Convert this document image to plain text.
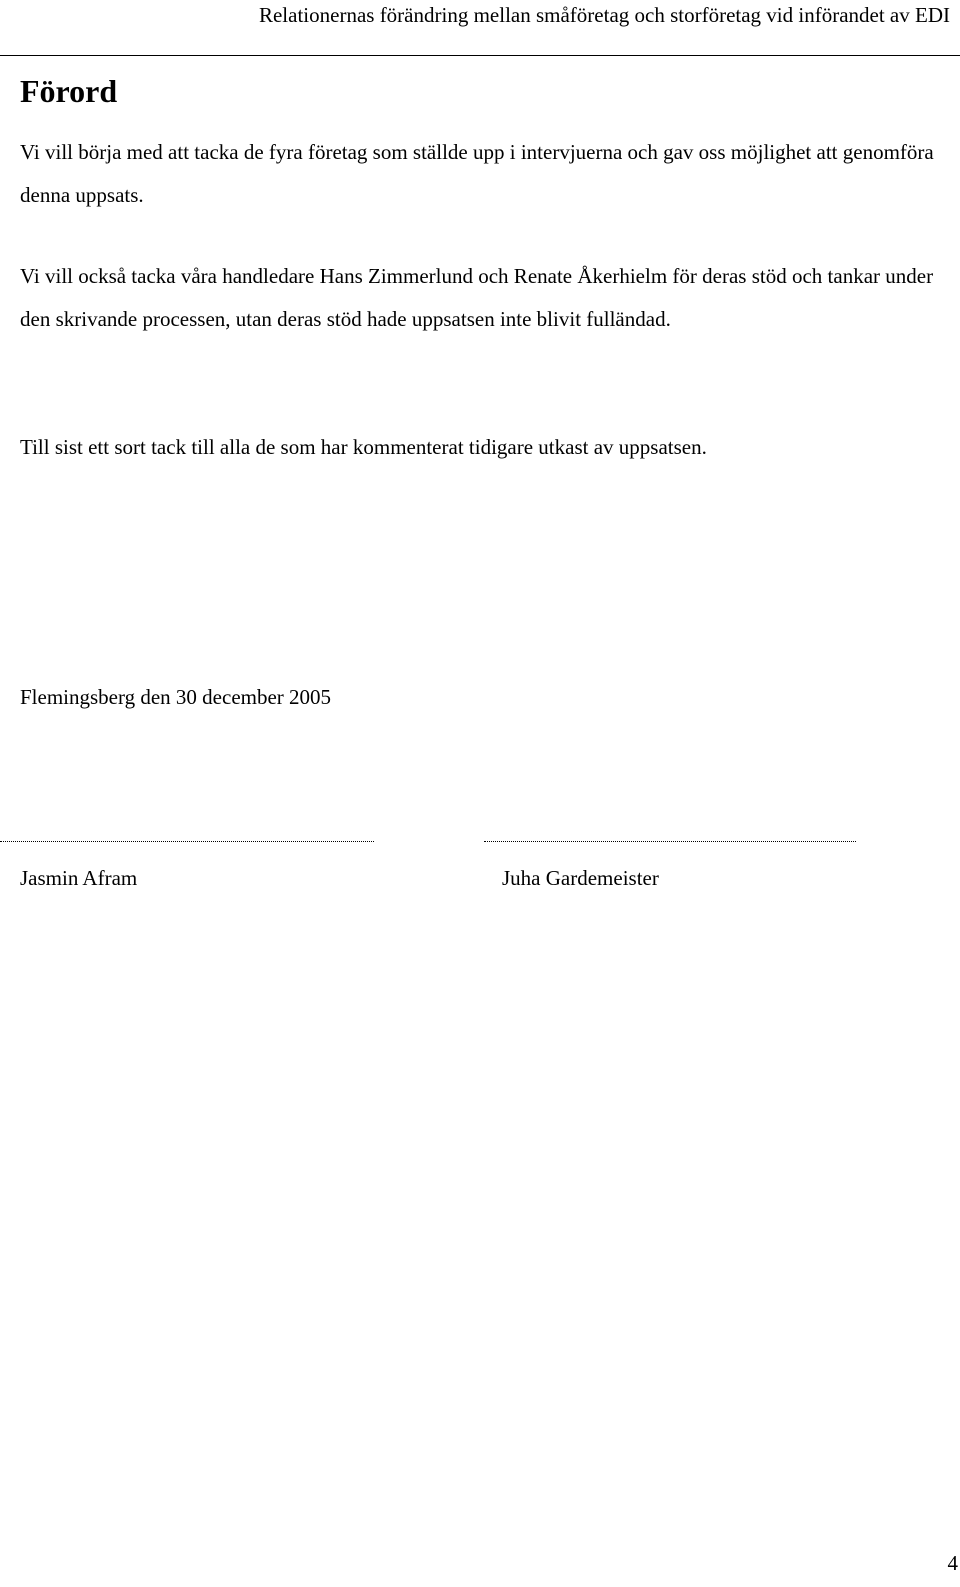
Relationernas förändring mellan småföretag och storföretag vid införandet av EDI
Förord

Vi vill börja med att tacka de fyra företag som ställde upp i intervjuerna och gav oss möjlighet att genomföra denna uppsats.

Vi vill också tacka våra handledare Hans Zimmerlund och Renate Åkerhielm för deras stöd och tankar under den skrivande processen, utan deras stöd hade uppsatsen inte blivit fulländad.

Till sist ett sort tack till alla de som har kommenterat tidigare utkast av uppsatsen.

Flemingsberg den 30 december 2005
Jasmin Afram	Juha Gardemeister
4
